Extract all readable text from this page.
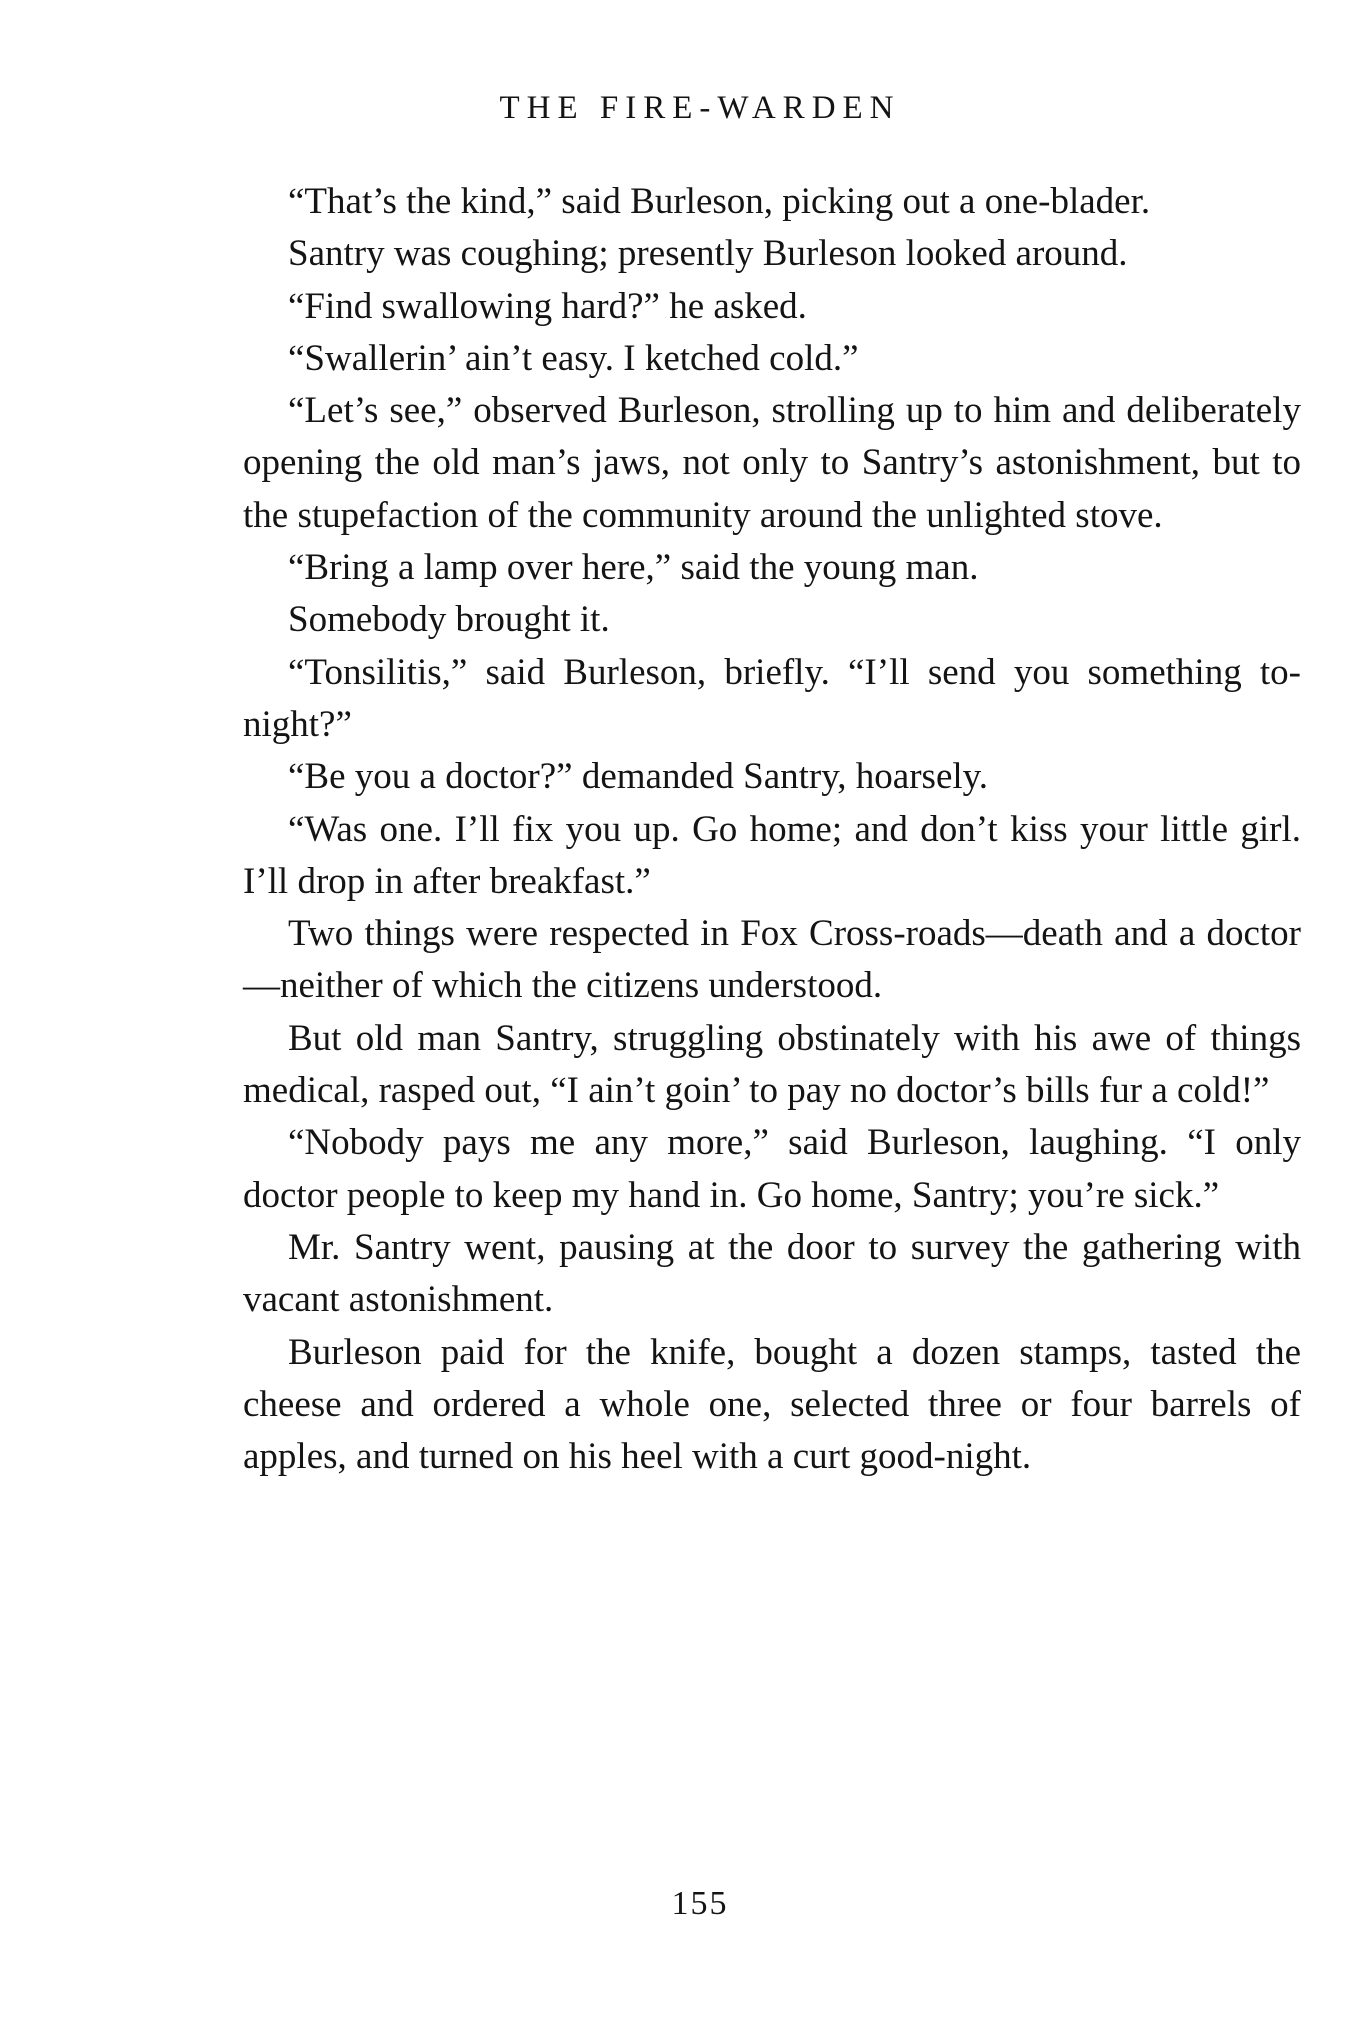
THE FIRE-WARDEN

“That’s the kind,” said Burleson, picking out a one-blader.

Santry was coughing; presently Burleson looked around.

“Find swallowing hard?” he asked.

“Swallerin’ ain’t easy. I ketched cold.”

“Let’s see,” observed Burleson, strolling up to him and deliberately opening the old man’s jaws, not only to Santry’s astonishment, but to the stupefaction of the community around the unlighted stove.

“Bring a lamp over here,” said the young man.

Somebody brought it.

“Tonsilitis,” said Burleson, briefly. “I’ll send you something to-night?”

“Be you a doctor?” demanded Santry, hoarsely.

“Was one. I’ll fix you up. Go home; and don’t kiss your little girl. I’ll drop in after breakfast.”

Two things were respected in Fox Cross-roads—death and a doctor—neither of which the citizens understood.

But old man Santry, struggling obstinately with his awe of things medical, rasped out, “I ain’t goin’ to pay no doctor’s bills fur a cold!”

“Nobody pays me any more,” said Burleson, laughing. “I only doctor people to keep my hand in. Go home, Santry; you’re sick.”

Mr. Santry went, pausing at the door to survey the gathering with vacant astonishment.

Burleson paid for the knife, bought a dozen stamps, tasted the cheese and ordered a whole one, selected three or four barrels of apples, and turned on his heel with a curt good-night.

155
